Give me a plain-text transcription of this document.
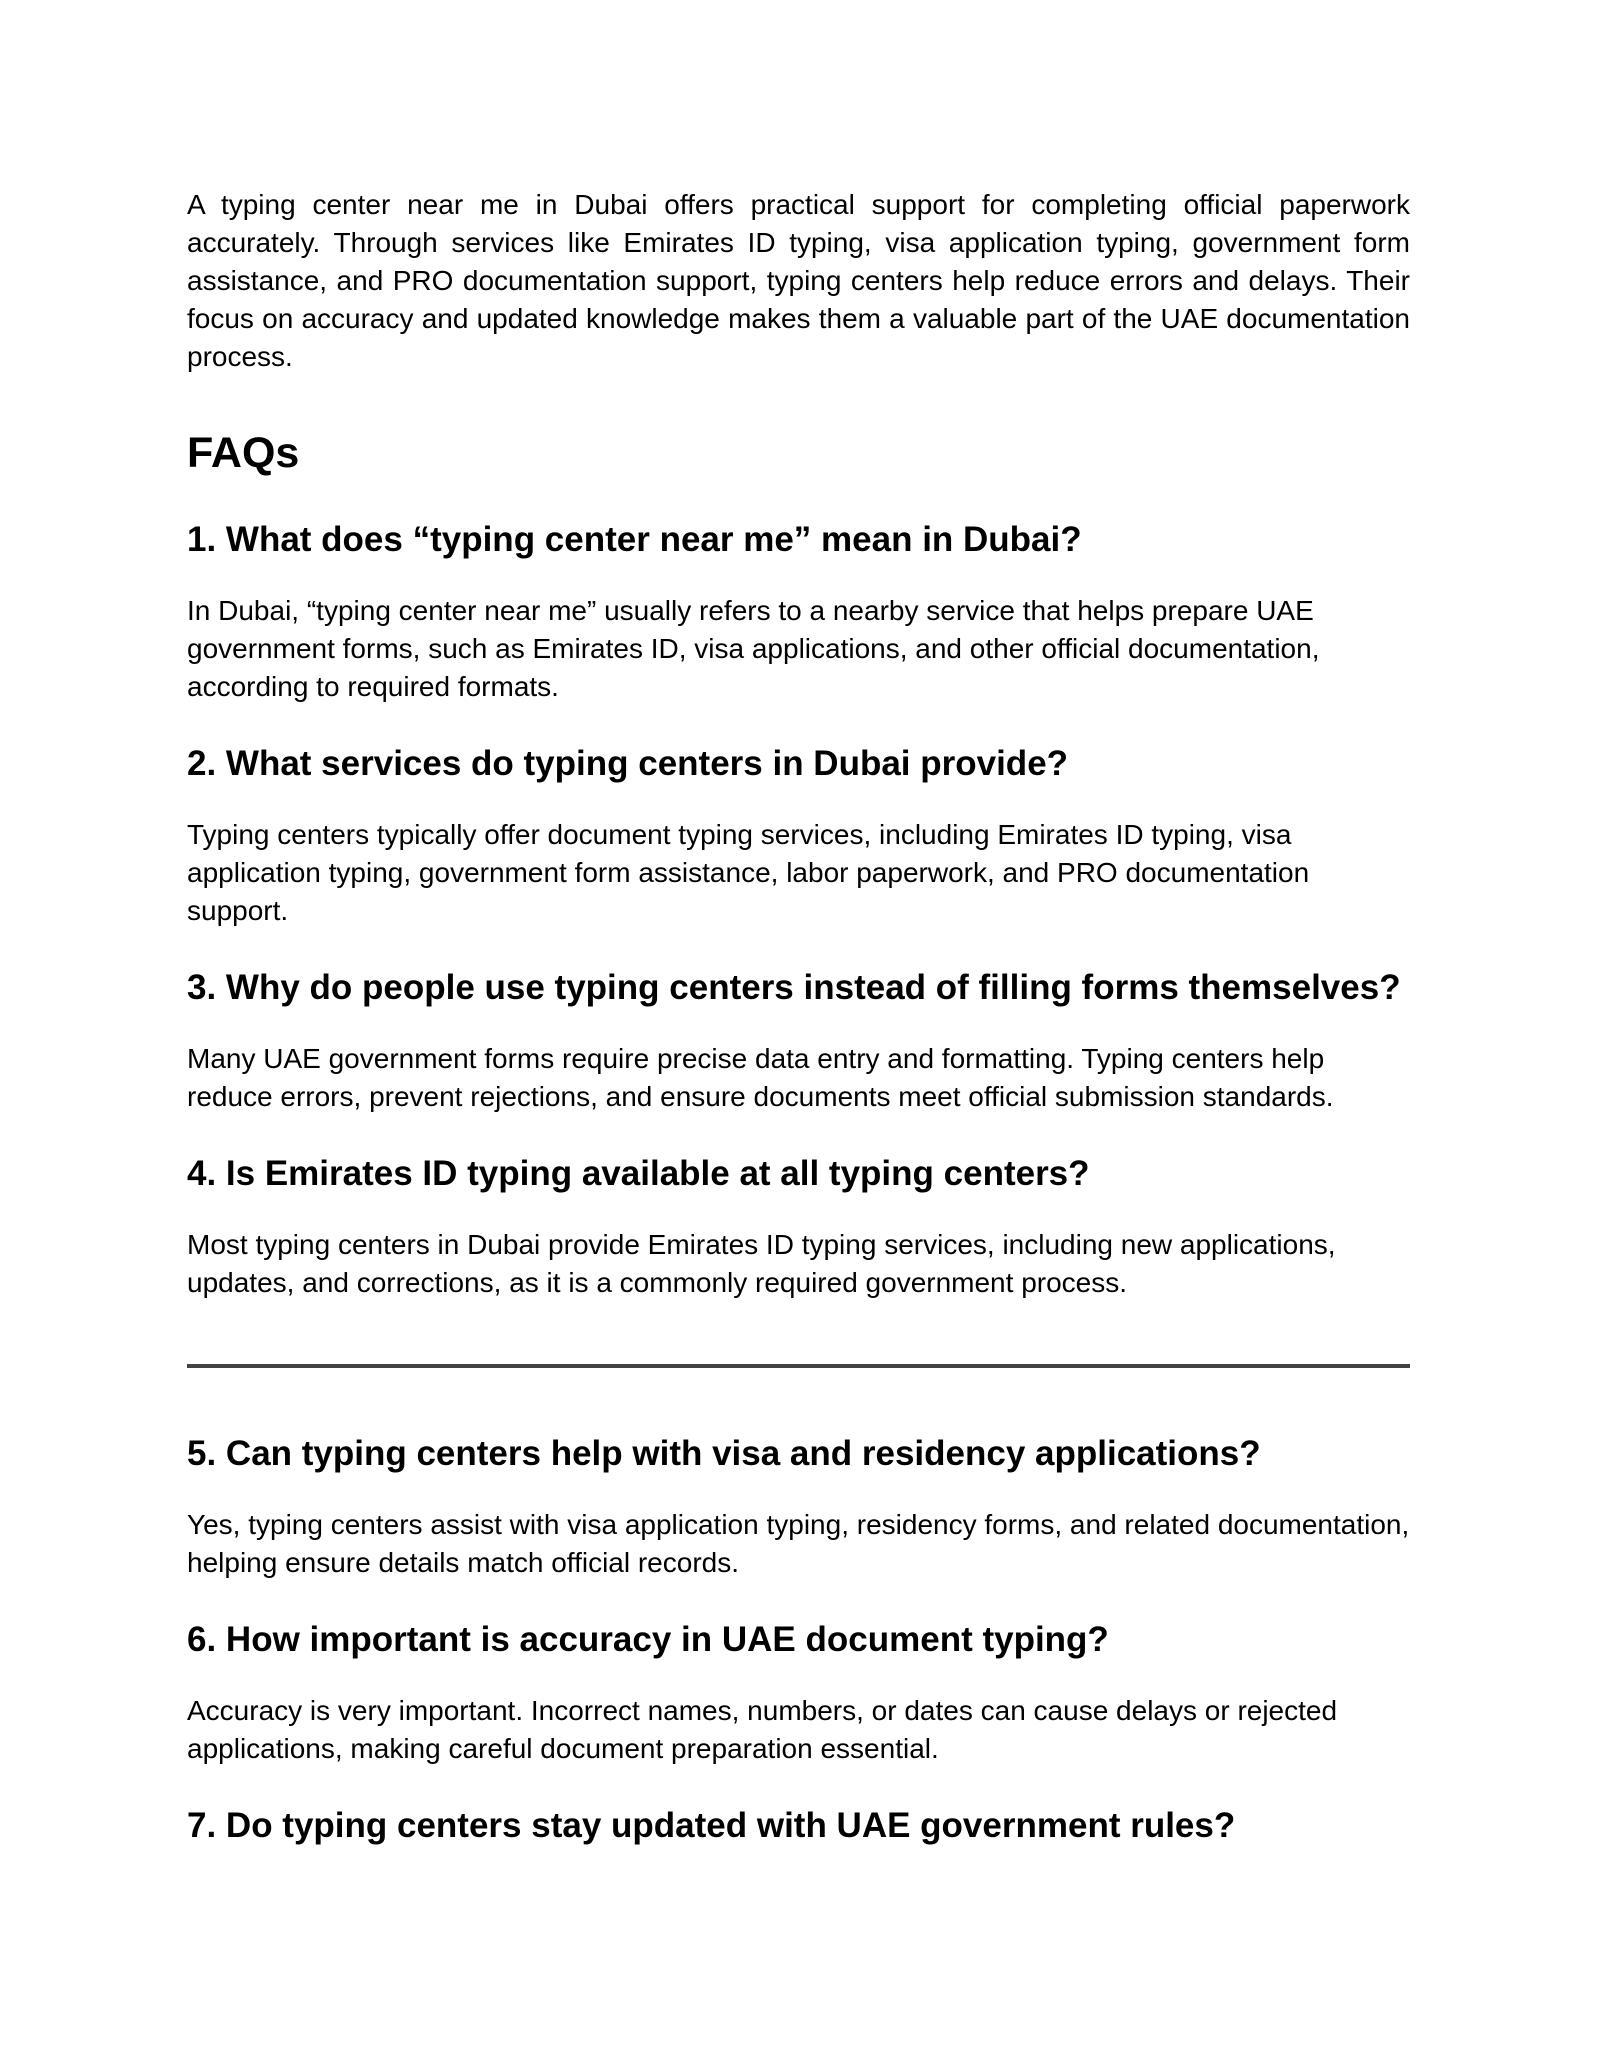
A typing center near me in Dubai offers practical support for completing official paperwork accurately. Through services like Emirates ID typing, visa application typing, government form assistance, and PRO documentation support, typing centers help reduce errors and delays. Their focus on accuracy and updated knowledge makes them a valuable part of the UAE documentation process.

FAQs
1. What does “typing center near me” mean in Dubai?

In Dubai, “typing center near me” usually refers to a nearby service that helps prepare UAE government forms, such as Emirates ID, visa applications, and other official documentation, according to required formats.

2. What services do typing centers in Dubai provide?

Typing centers typically offer document typing services, including Emirates ID typing, visa application typing, government form assistance, labor paperwork, and PRO documentation support.

3. Why do people use typing centers instead of filling forms themselves?

Many UAE government forms require precise data entry and formatting. Typing centers help reduce errors, prevent rejections, and ensure documents meet official submission standards.

4. Is Emirates ID typing available at all typing centers?

Most typing centers in Dubai provide Emirates ID typing services, including new applications, updates, and corrections, as it is a commonly required government process.

5. Can typing centers help with visa and residency applications?

Yes, typing centers assist with visa application typing, residency forms, and related documentation, helping ensure details match official records.

6. How important is accuracy in UAE document typing?

Accuracy is very important. Incorrect names, numbers, or dates can cause delays or rejected applications, making careful document preparation essential.

7. Do typing centers stay updated with UAE government rules?
